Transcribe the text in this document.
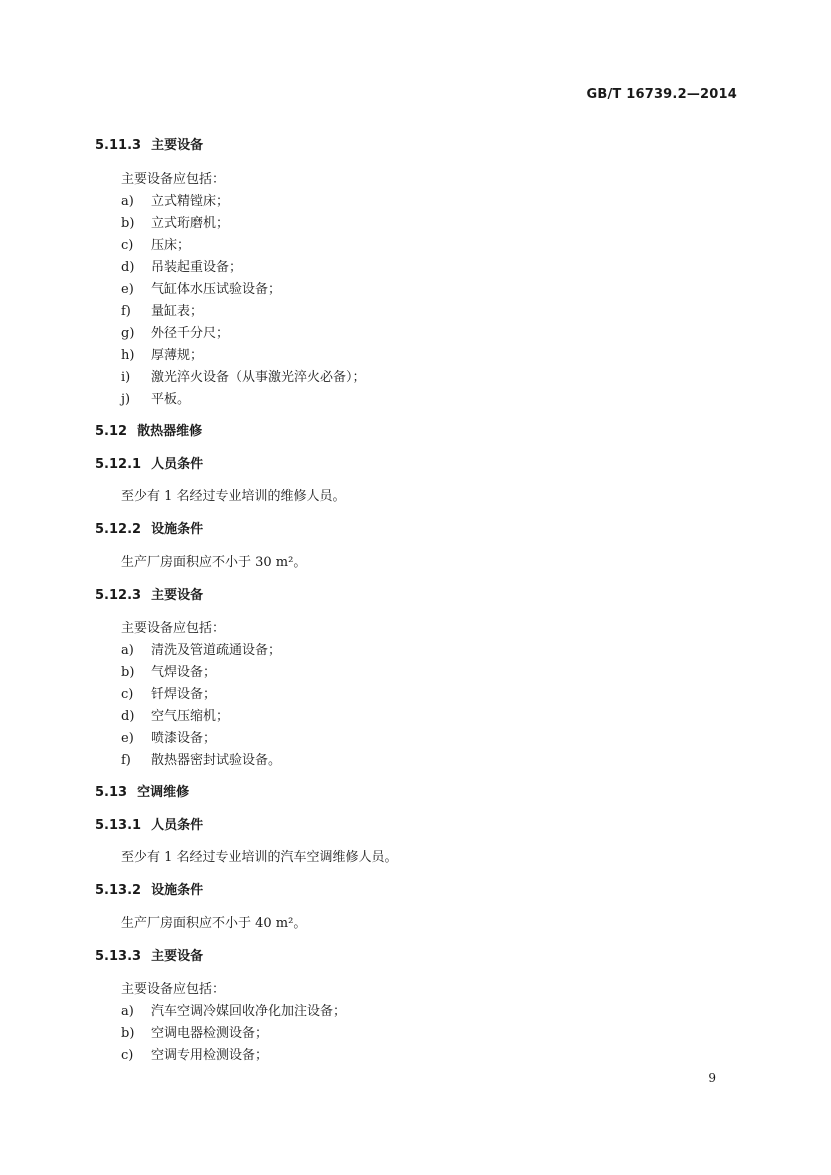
GB/T 16739.2—2014
5.11.3 主要设备
主要设备应包括：
a) 立式精镗床；
b) 立式珩磨机；
c) 压床；
d) 吊装起重设备；
e) 气缸体水压试验设备；
f) 量缸表；
g) 外径千分尺；
h) 厚薄规；
i) 激光淬火设备（从事激光淬火必备）；
j) 平板。
5.12 散热器维修
5.12.1 人员条件
至少有 1 名经过专业培训的维修人员。
5.12.2 设施条件
生产厂房面积应不小于 30 m²。
5.12.3 主要设备
主要设备应包括：
a) 清洗及管道疏通设备；
b) 气焊设备；
c) 钎焊设备；
d) 空气压缩机；
e) 喷漆设备；
f) 散热器密封试验设备。
5.13 空调维修
5.13.1 人员条件
至少有 1 名经过专业培训的汽车空调维修人员。
5.13.2 设施条件
生产厂房面积应不小于 40 m²。
5.13.3 主要设备
主要设备应包括：
a) 汽车空调冷媒回收净化加注设备；
b) 空调电器检测设备；
c) 空调专用检测设备；
9
